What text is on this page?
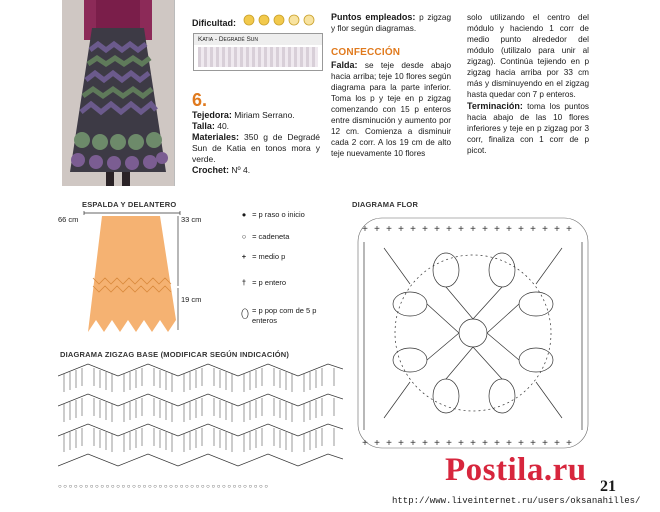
Dificultad:
Katia - Degradé Sun
6.
Tejedora: Miriam Serrano.
Talla: 40.
Materiales: 350 g de Degradé Sun de Katia en tonos mora y verde.
Crochet: Nº 4.
Puntos empleados: p zigzag y flor según diagramas.
CONFECCIÓN
Falda: se teje desde abajo hacia arriba; teje 10 flores según diagrama para la parte inferior. Toma los p y teje en p zigzag comenzando con 15 p enteros entre disminución y aumento por 12 cm. Comienza a disminuir cada 2 corr. A los 19 cm de alto teje nuevamente 10 flores
solo utilizando el centro del módulo y haciendo 1 corr de medio punto alrededor del módulo (utilizalo para unir al zigzag). Continúa tejiendo en p zigzag hacia arriba por 33 cm más y disminuyendo en el zigzag hasta quedar con 7 p enteros.
Terminación: toma los puntos hacia abajo de las 10 flores inferiores y teje en p zigzag por 3 corr, finaliza con 1 corr de p picot.
ESPALDA Y DELANTERO
66 cm	33 cm
19 cm
● = p raso o inicio
○ = cadeneta
+ = medio p
† = p entero
⬯ = p pop com de 5 p enteros
DIAGRAMA FLOR
+ + + + + + + + + + + + + + + + + +
+ + + + + + + + + + + + + + + + + +
DIAGRAMA ZIGZAG BASE (MODIFICAR SEGÚN INDICACIÓN)
○ ○ ○ ○ ○ ○ ○ ○ ○ ○ ○ ○ ○ ○ ○ ○ ○ ○ ○ ○ ○ ○ ○ ○ ○ ○ ○ ○ ○ ○ ○ ○ ○ ○ ○ ○ ○ ○ ○ ○	Postila.ru
http://www.liveinternet.ru/users/oksanahilles/
21
